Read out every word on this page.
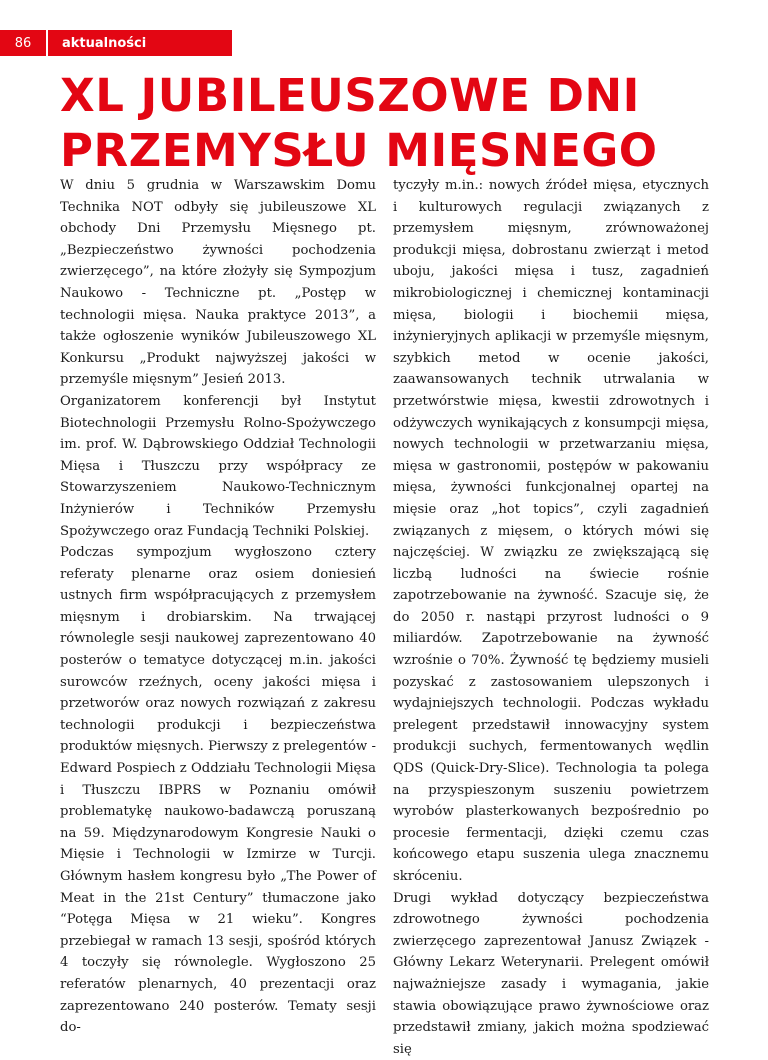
86	aktualności
XL JUBILEUSZOWE DNI PRZEMYSŁU MIĘSNEGO

W dniu 5 grudnia w Warszawskim Domu Technika NOT odbyły się jubileuszowe XL obchody Dni Przemysłu Mięsnego pt. „Bezpieczeństwo żywności pochodzenia zwierzęcego”, na które złożyły się Sympozjum Naukowo - Techniczne pt. „Postęp w technologii mięsa. Nauka praktyce 2013”, a także ogłoszenie wyników Jubileuszowego XL Konkursu „Produkt najwyższej jakości w przemyśle mięsnym” Jesień 2013.

Organizatorem konferencji był Instytut Biotechnologii Przemysłu Rolno-Spożywczego im. prof. W. Dąbrowskiego Oddział Technologii Mięsa i Tłuszczu przy współpracy ze Stowarzyszeniem Naukowo-Technicznym Inżynierów i Techników Przemysłu Spożywczego oraz Fundacją Techniki Polskiej.

Podczas sympozjum wygłoszono cztery referaty plenarne oraz osiem doniesień ustnych firm współpracujących z przemysłem mięsnym i drobiarskim. Na trwającej równolegle sesji naukowej zaprezentowano 40 posterów o tematyce dotyczącej m.in. jakości surowców rzeźnych, oceny jakości mięsa i przetworów oraz nowych rozwiązań z zakresu technologii produkcji i bezpieczeństwa produktów mięsnych. Pierwszy z prelegentów - Edward Pospiech z Oddziału Technologii Mięsa i Tłuszczu IBPRS w Poznaniu omówił problematykę naukowo-badawczą poruszaną na 59. Międzynarodowym Kongresie Nauki o Mięsie i Technologii w Izmirze w Turcji. Głównym hasłem kongresu było „The Power of Meat in the 21st Century” tłumaczone jako “Potęga Mięsa w 21 wieku”. Kongres przebiegał w ramach 13 sesji, spośród których 4 toczyły się równolegle. Wygłoszono 25 referatów plenarnych, 40 prezentacji oraz zaprezentowano 240 posterów. Tematy sesji do-

tyczyły m.in.: nowych źródeł mięsa, etycznych i kulturowych regulacji związanych z przemysłem mięsnym, zrównoważonej produkcji mięsa, dobrostanu zwierząt i metod uboju, jakości mięsa i tusz, zagadnień mikrobiologicznej i chemicznej kontaminacji mięsa, biologii i biochemii mięsa, inżynieryjnych aplikacji w przemyśle mięsnym, szybkich metod w ocenie jakości, zaawansowanych technik utrwalania w przetwórstwie mięsa, kwestii zdrowotnych i odżywczych wynikających z konsumpcji mięsa, nowych technologii w przetwarzaniu mięsa, mięsa w gastronomii, postępów w pakowaniu mięsa, żywności funkcjonalnej opartej na mięsie oraz „hot topics”, czyli zagadnień związanych z mięsem, o których mówi się najczęściej. W związku ze zwiększającą się liczbą ludności na świecie rośnie zapotrzebowanie na żywność. Szacuje się, że do 2050 r. nastąpi przyrost ludności o 9 miliardów. Zapotrzebowanie na żywność wzrośnie o 70%. Żywność tę będziemy musieli pozyskać z zastosowaniem ulepszonych i wydajniejszych technologii. Podczas wykładu prelegent przedstawił innowacyjny system produkcji suchych, fermentowanych wędlin QDS (Quick-Dry-Slice). Technologia ta polega na przyspieszonym suszeniu powietrzem wyrobów plasterkowanych bezpośrednio po procesie fermentacji, dzięki czemu czas końcowego etapu suszenia ulega znacznemu skróceniu.

Drugi wykład dotyczący bezpieczeństwa zdrowotnego żywności pochodzenia zwierzęcego zaprezentował Janusz Związek - Główny Lekarz Weterynarii. Prelegent omówił najważniejsze zasady i wymagania, jakie stawia obowiązujące prawo żywnościowe oraz przedstawił zmiany, jakich można spodziewać się
